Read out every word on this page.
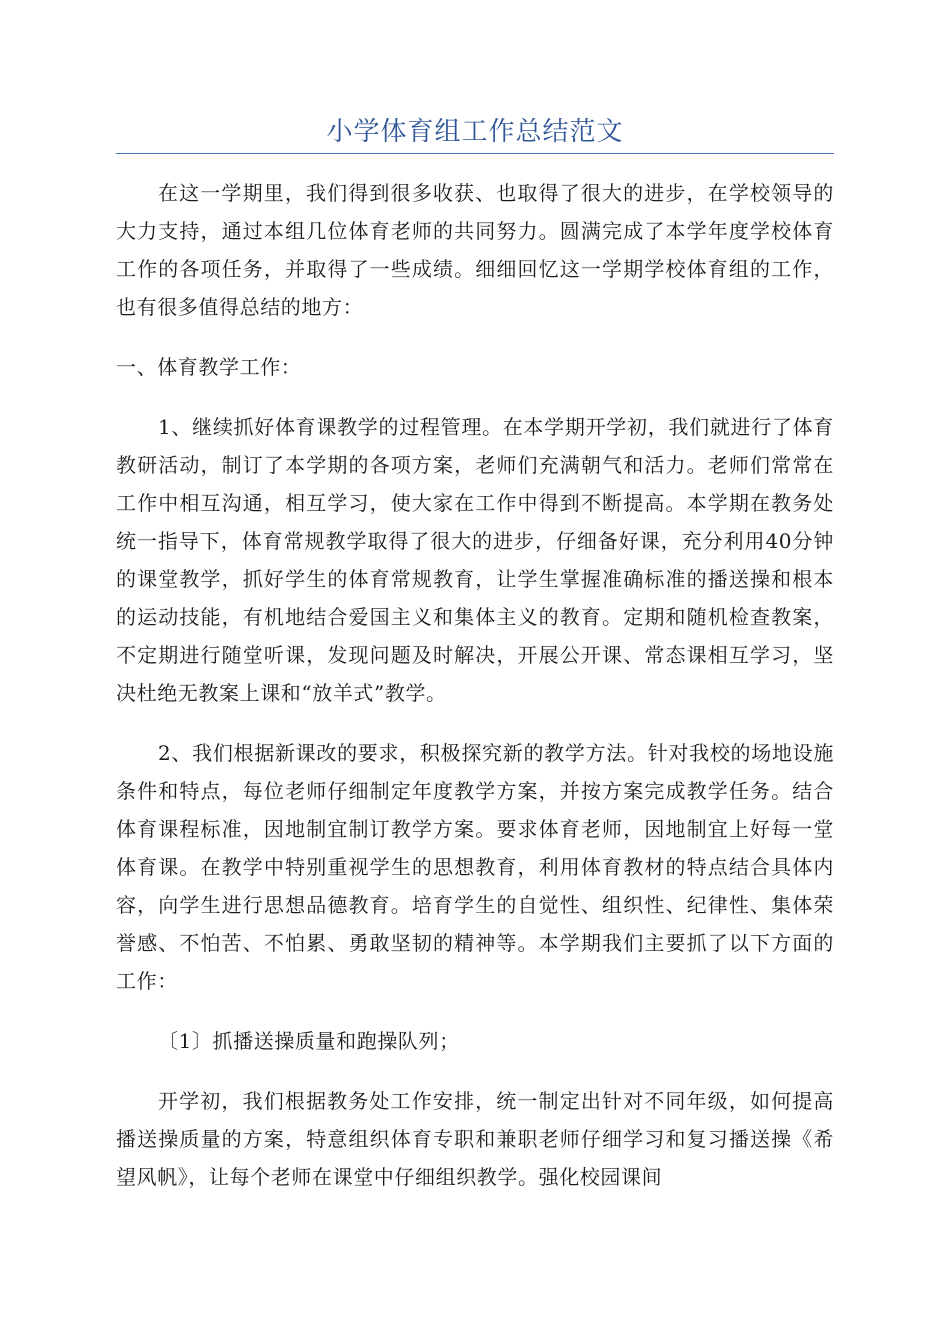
小学体育组工作总结范文

在这一学期里，我们得到很多收获、也取得了很大的进步，在学校领导的大力支持，通过本组几位体育老师的共同努力。圆满完成了本学年度学校体育工作的各项任务，并取得了一些成绩。细细回忆这一学期学校体育组的工作，也有很多值得总结的地方：

一、体育教学工作：

1、继续抓好体育课教学的过程管理。在本学期开学初，我们就进行了体育教研活动，制订了本学期的各项方案，老师们充满朝气和活力。老师们常常在工作中相互沟通，相互学习，使大家在工作中得到不断提高。本学期在教务处统一指导下，体育常规教学取得了很大的进步，仔细备好课，充分利用40分钟的课堂教学，抓好学生的体育常规教育，让学生掌握准确标准的播送操和根本的运动技能，有机地结合爱国主义和集体主义的教育。定期和随机检查教案，不定期进行随堂听课，发现问题及时解决，开展公开课、常态课相互学习，坚决杜绝无教案上课和“放羊式”教学。

2、我们根据新课改的要求，积极探究新的教学方法。针对我校的场地设施条件和特点，每位老师仔细制定年度教学方案，并按方案完成教学任务。结合体育课程标准，因地制宜制订教学方案。要求体育老师，因地制宜上好每一堂体育课。在教学中特别重视学生的思想教育，利用体育教材的特点结合具体内容，向学生进行思想品德教育。培育学生的自觉性、组织性、纪律性、集体荣誉感、不怕苦、不怕累、勇敢坚韧的精神等。本学期我们主要抓了以下方面的工作：

〔1〕抓播送操质量和跑操队列；

开学初，我们根据教务处工作安排，统一制定出针对不同年级，如何提高播送操质量的方案，特意组织体育专职和兼职老师仔细学习和复习播送操《希望风帆》，让每个老师在课堂中仔细组织教学。强化校园课间
